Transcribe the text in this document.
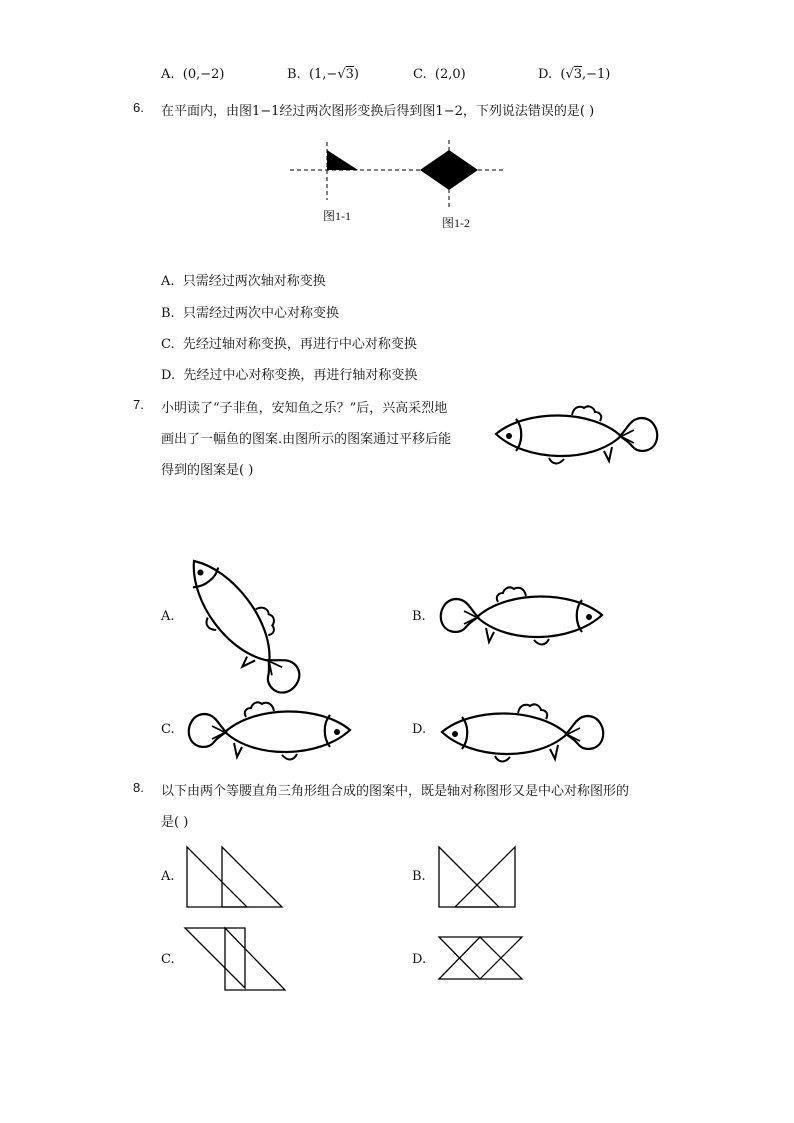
A. (0,−2)	B. (1,−√3)	C. (2,0)	D. (√3,−1)
6. 在平面内，由图1−1经过两次图形变换后得到图1−2，下列说法错误的是( )
图1-1	图1-2
A. 只需经过两次轴对称变换
B. 只需经过两次中心对称变换
C. 先经过轴对称变换，再进行中心对称变换
D. 先经过中心对称变换，再进行轴对称变换
7. 小明读了“子非鱼，安知鱼之乐？”后，兴高采烈地
画出了一幅鱼的图案.由图所示的图案通过平移后能
得到的图案是( )
A.	B.
C.	D.
8. 以下由两个等腰直角三角形组合成的图案中，既是轴对称图形又是中心对称图形的
是( )
A.	B.
C.	D.
